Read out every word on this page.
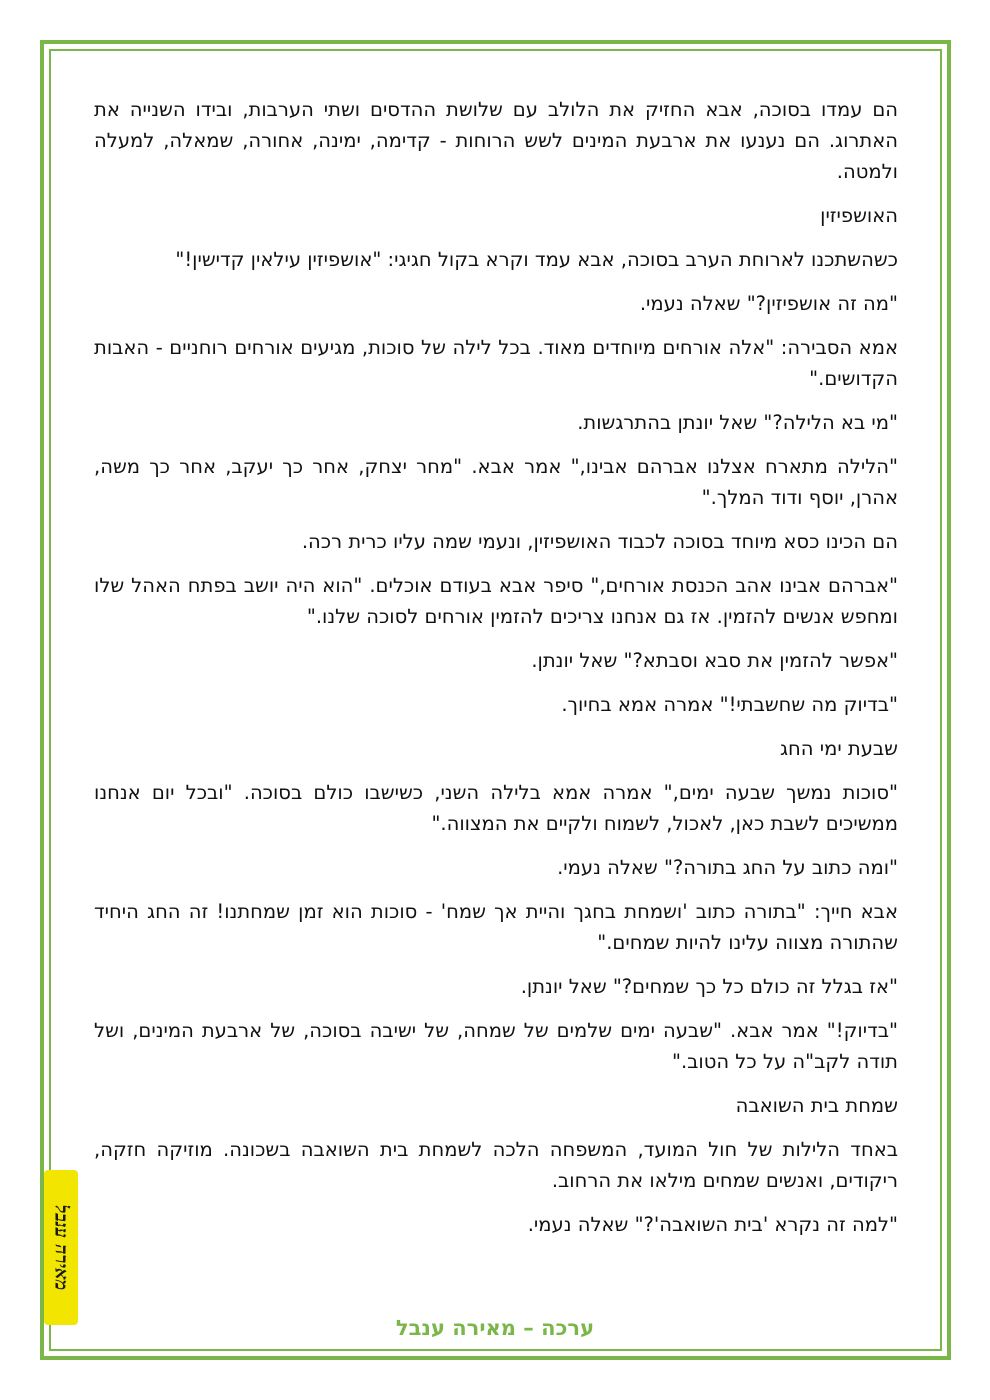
הם עמדו בסוכה, אבא החזיק את הלולב עם שלושת ההדסים ושתי הערבות, ובידו השנייה את האתרוג. הם נענעו את ארבעת המינים לשש הרוחות - קדימה, ימינה, אחורה, שמאלה, למעלה ולמטה.

האושפיזין

כשהשתכנו לארוחת הערב בסוכה, אבא עמד וקרא בקול חגיגי: "אושפיזין עילאין קדישין!"

"מה זה אושפיזין?" שאלה נעמי.

אמא הסבירה: "אלה אורחים מיוחדים מאוד. בכל לילה של סוכות, מגיעים אורחים רוחניים - האבות הקדושים."

"מי בא הלילה?" שאל יונתן בהתרגשות.

"הלילה מתארח אצלנו אברהם אבינו," אמר אבא. "מחר יצחק, אחר כך יעקב, אחר כך משה, אהרן, יוסף ודוד המלך."

הם הכינו כסא מיוחד בסוכה לכבוד האושפיזין, ונעמי שמה עליו כרית רכה.

"אברהם אבינו אהב הכנסת אורחים," סיפר אבא בעודם אוכלים. "הוא היה יושב בפתח האהל שלו ומחפש אנשים להזמין. אז גם אנחנו צריכים להזמין אורחים לסוכה שלנו."

"אפשר להזמין את סבא וסבתא?" שאל יונתן.

"בדיוק מה שחשבתי!" אמרה אמא בחיוך.

שבעת ימי החג

"סוכות נמשך שבעה ימים," אמרה אמא בלילה השני, כשישבו כולם בסוכה. "ובכל יום אנחנו ממשיכים לשבת כאן, לאכול, לשמוח ולקיים את המצווה."

"ומה כתוב על החג בתורה?" שאלה נעמי.

אבא חייך: "בתורה כתוב 'ושמחת בחגך והיית אך שמח' - סוכות הוא זמן שמחתנו! זה החג היחיד שהתורה מצווה עלינו להיות שמחים."

"אז בגלל זה כולם כל כך שמחים?" שאל יונתן.

"בדיוק!" אמר אבא. "שבעה ימים שלמים של שמחה, של ישיבה בסוכה, של ארבעת המינים, ושל תודה לקב"ה על כל הטוב."

שמחת בית השואבה

באחד הלילות של חול המועד, המשפחה הלכה לשמחת בית השואבה בשכונה. מוזיקה חזקה, ריקודים, ואנשים שמחים מילאו את הרחוב.

"למה זה נקרא 'בית השואבה'?" שאלה נעמי.

מאירה ענבל
ערכה – מאירה ענבל
